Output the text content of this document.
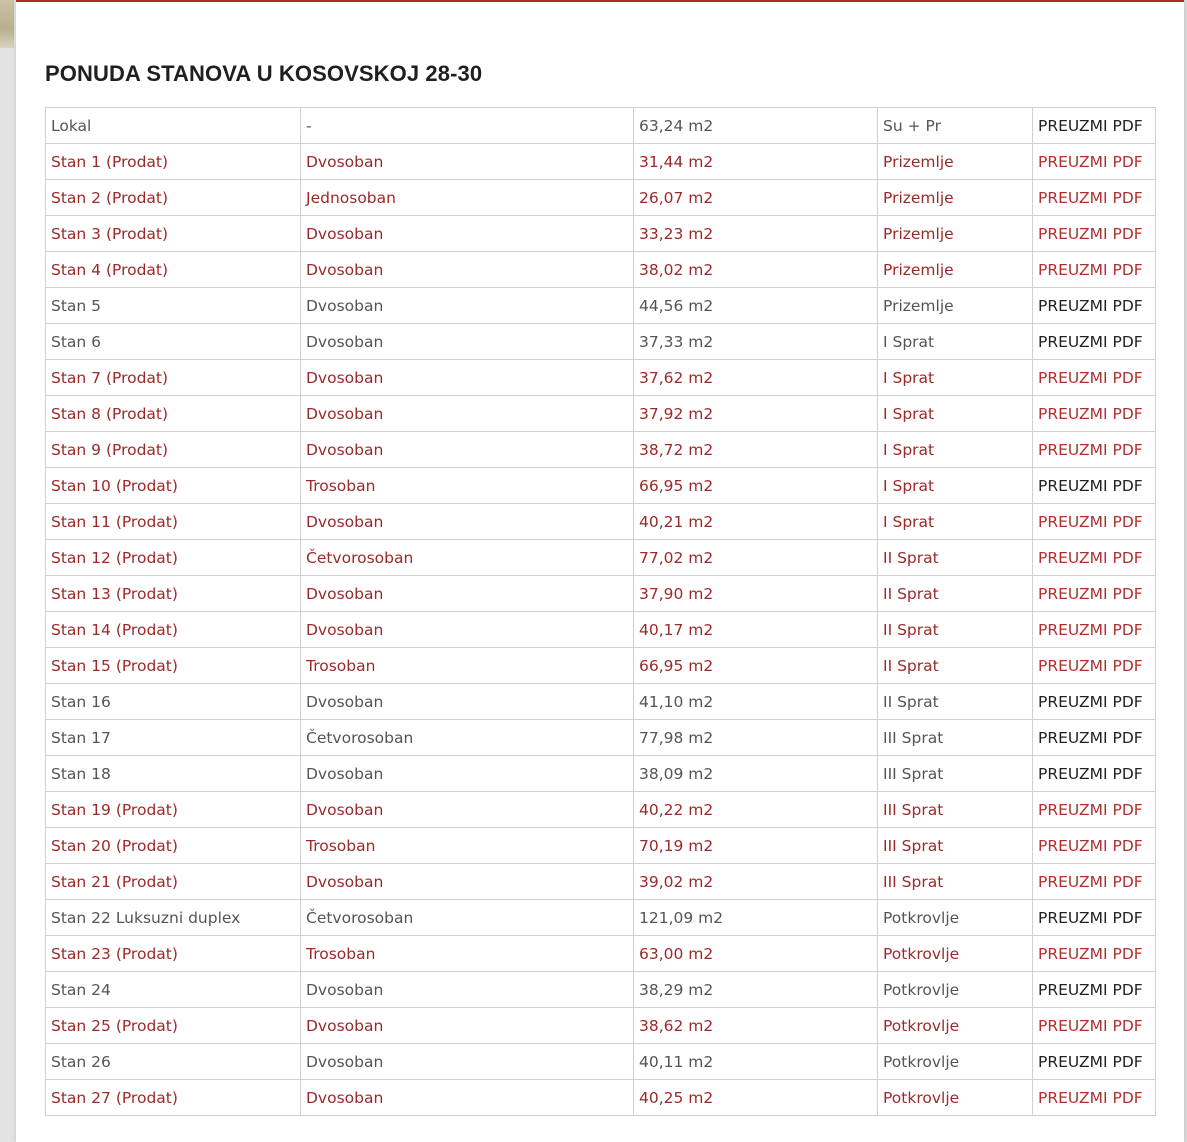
PONUDA STANOVA U KOSOVSKOJ 28-30
Lokal	-	63,24 m2	Su + Pr	PREUZMI PDF
Stan 1 (Prodat)	Dvosoban	31,44 m2	Prizemlje	PREUZMI PDF
Stan 2 (Prodat)	Jednosoban	26,07 m2	Prizemlje	PREUZMI PDF
Stan 3 (Prodat)	Dvosoban	33,23 m2	Prizemlje	PREUZMI PDF
Stan 4 (Prodat)	Dvosoban	38,02 m2	Prizemlje	PREUZMI PDF
Stan 5	Dvosoban	44,56 m2	Prizemlje	PREUZMI PDF
Stan 6	Dvosoban	37,33 m2	I Sprat	PREUZMI PDF
Stan 7 (Prodat)	Dvosoban	37,62 m2	I Sprat	PREUZMI PDF
Stan 8 (Prodat)	Dvosoban	37,92 m2	I Sprat	PREUZMI PDF
Stan 9 (Prodat)	Dvosoban	38,72 m2	I Sprat	PREUZMI PDF
Stan 10 (Prodat)	Trosoban	66,95 m2	I Sprat	PREUZMI PDF
Stan 11 (Prodat)	Dvosoban	40,21 m2	I Sprat	PREUZMI PDF
Stan 12 (Prodat)	Četvorosoban	77,02 m2	II Sprat	PREUZMI PDF
Stan 13 (Prodat)	Dvosoban	37,90 m2	II Sprat	PREUZMI PDF
Stan 14 (Prodat)	Dvosoban	40,17 m2	II Sprat	PREUZMI PDF
Stan 15 (Prodat)	Trosoban	66,95 m2	II Sprat	PREUZMI PDF
Stan 16	Dvosoban	41,10 m2	II Sprat	PREUZMI PDF
Stan 17	Četvorosoban	77,98 m2	III Sprat	PREUZMI PDF
Stan 18	Dvosoban	38,09 m2	III Sprat	PREUZMI PDF
Stan 19 (Prodat)	Dvosoban	40,22 m2	III Sprat	PREUZMI PDF
Stan 20 (Prodat)	Trosoban	70,19 m2	III Sprat	PREUZMI PDF
Stan 21 (Prodat)	Dvosoban	39,02 m2	III Sprat	PREUZMI PDF
Stan 22 Luksuzni duplex	Četvorosoban	121,09 m2	Potkrovlje	PREUZMI PDF
Stan 23 (Prodat)	Trosoban	63,00 m2	Potkrovlje	PREUZMI PDF
Stan 24	Dvosoban	38,29 m2	Potkrovlje	PREUZMI PDF
Stan 25 (Prodat)	Dvosoban	38,62 m2	Potkrovlje	PREUZMI PDF
Stan 26	Dvosoban	40,11 m2	Potkrovlje	PREUZMI PDF
Stan 27 (Prodat)	Dvosoban	40,25 m2	Potkrovlje	PREUZMI PDF
